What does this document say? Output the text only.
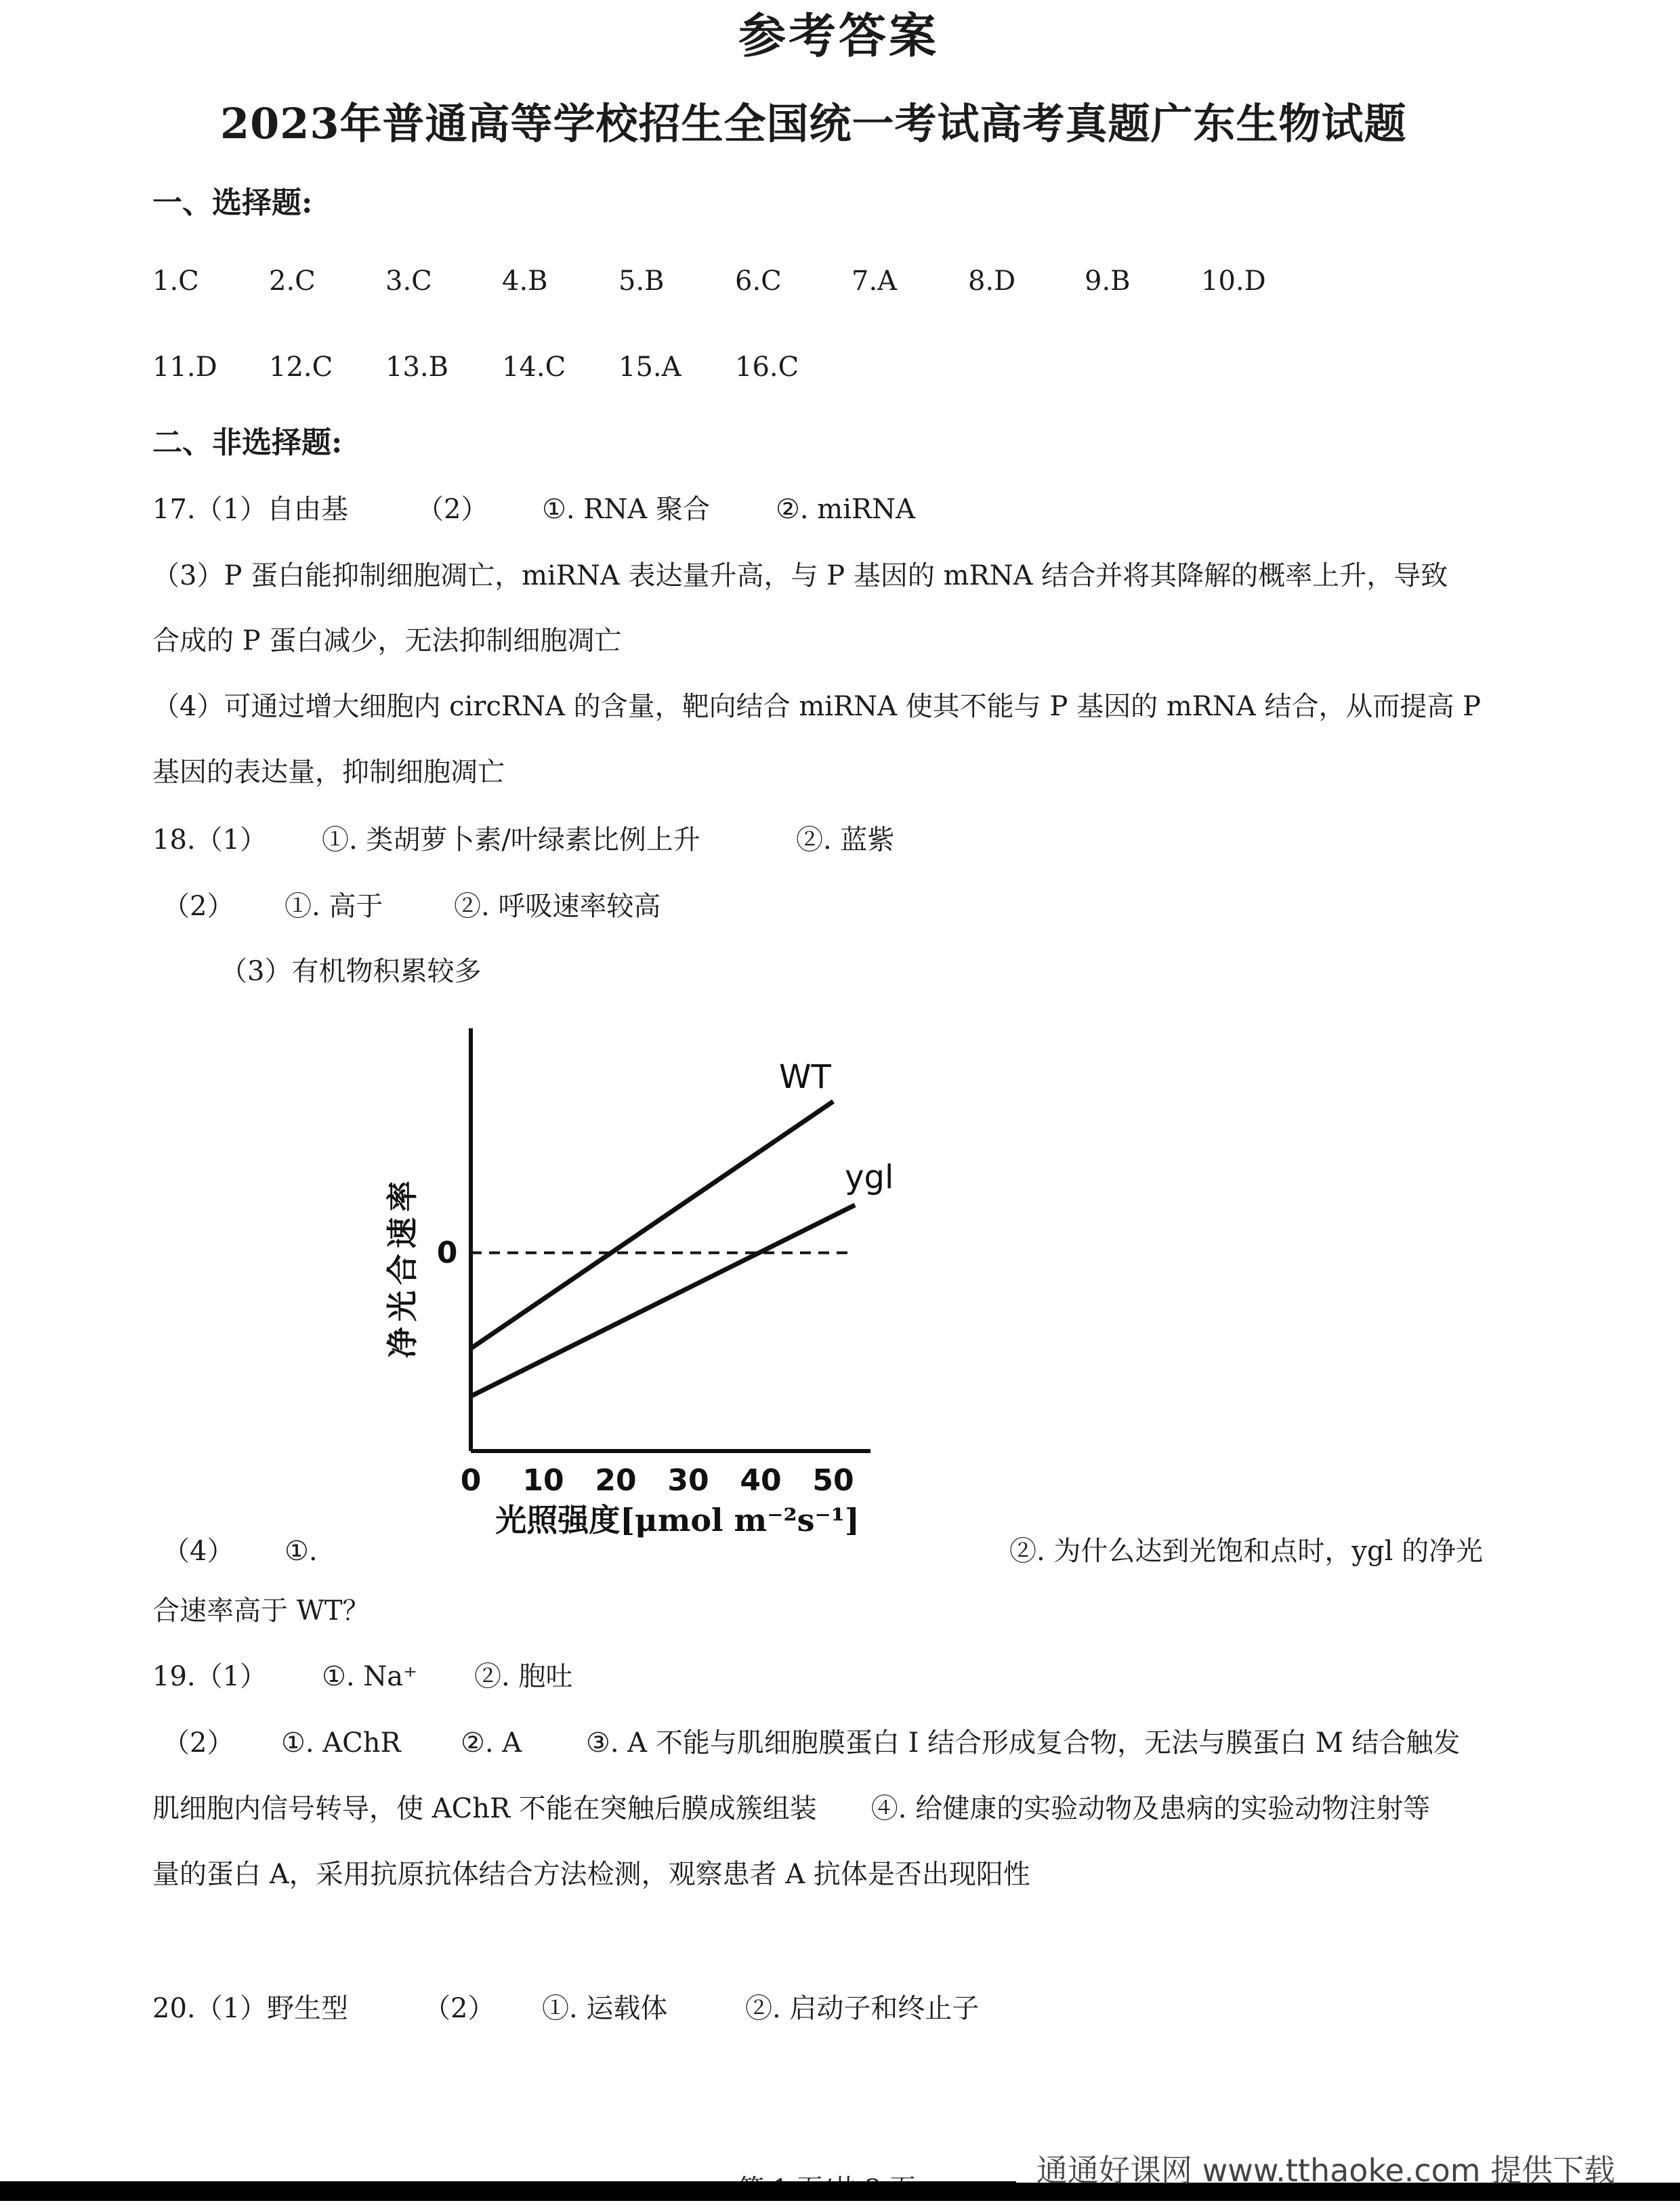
参考答案
2023年普通高等学校招生全国统一考试高考真题广东生物试题
一、选择题:
1.C	2.C	3.C	4.B	5.B	6.C	7.A	8.D	9.B	10.D
11.D 12.C 13.B 14.C 15.A 16.C
二、非选择题:
17.（1）自由基	（2） ①. RNA 聚合 ②. miRNA
（3）P 蛋白能抑制细胞凋亡，miRNA 表达量升高，与 P 基因的 mRNA 结合并将其降解的概率上升，导致
合成的 P 蛋白减少，无法抑制细胞凋亡
（4）可通过增大细胞内 circRNA 的含量，靶向结合 miRNA 使其不能与 P 基因的 mRNA 结合，从而提高 P
基因的表达量，抑制细胞凋亡
18.（1） ①. 类胡萝卜素/叶绿素比例上升	②. 蓝紫
（2） ①. 高于	②. 呼吸速率较高
（3）有机物积累较多
WT
ygl
0 10 20 30 40 50
0
净光合速率
光照强度[μmol m⁻²s⁻¹]
（4） ①.	②. 为什么达到光饱和点时，ygl 的净光
合速率高于 WT？
19.（1） ①. Na⁺ ②. 胞吐
（2） ①. AChR ②. A ③. A 不能与肌细胞膜蛋白 I 结合形成复合物，无法与膜蛋白 M 结合触发
肌细胞内信号转导，使 AChR 不能在突触后膜成簇组装　　④. 给健康的实验动物及患病的实验动物注射等
量的蛋白 A，采用抗原抗体结合方法检测，观察患者 A 抗体是否出现阳性
20.（1）野生型	（2） ①. 运载体	②. 启动子和终止子
通通好课网 www.tthaoke.com 提供下载
